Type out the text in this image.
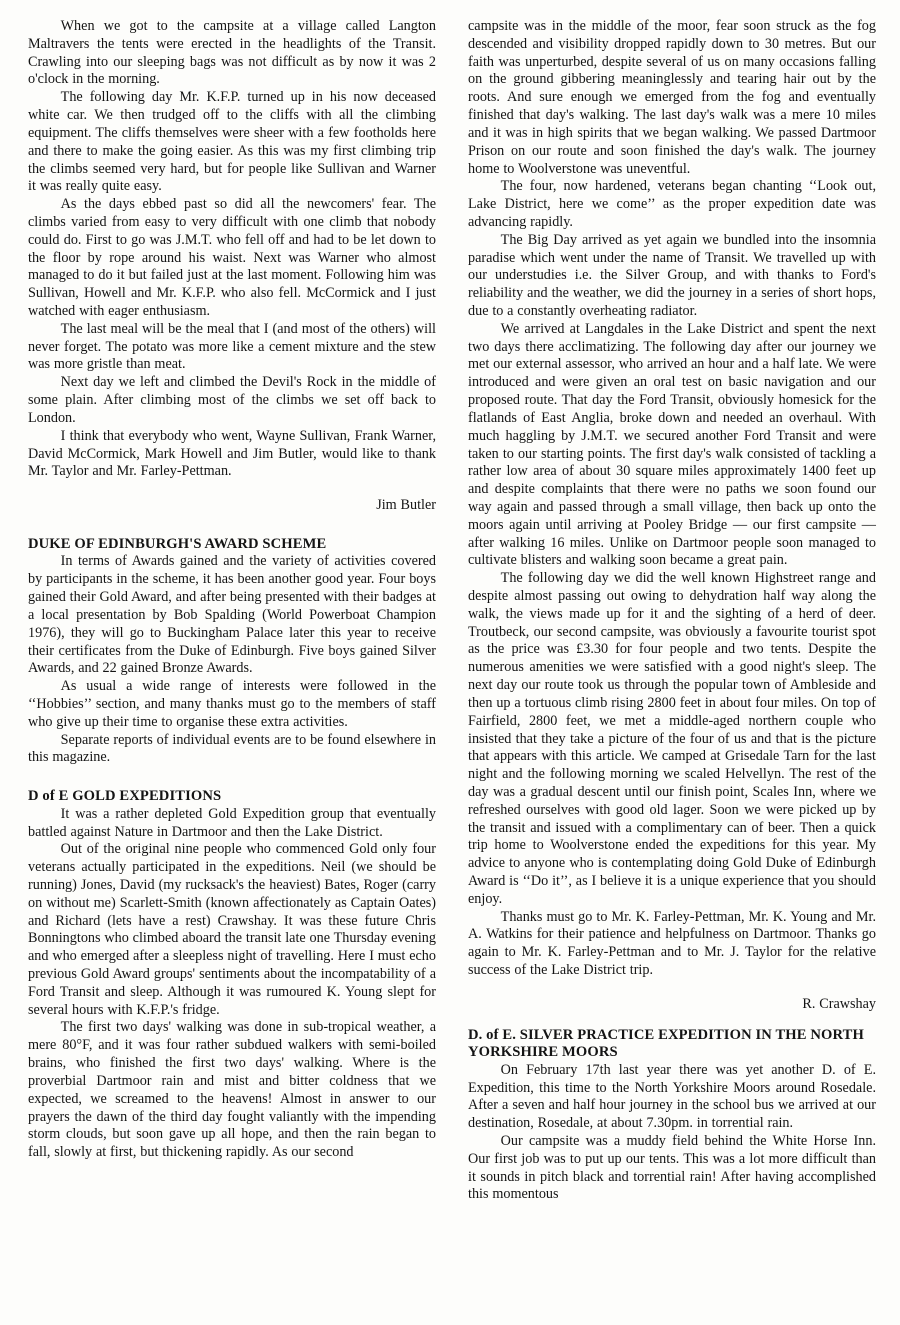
When we got to the campsite at a village called Langton Maltravers the tents were erected in the headlights of the Transit. Crawling into our sleeping bags was not difficult as by now it was 2 o'clock in the morning.

The following day Mr. K.F.P. turned up in his now deceased white car. We then trudged off to the cliffs with all the climbing equipment. The cliffs themselves were sheer with a few footholds here and there to make the going easier. As this was my first climbing trip the climbs seemed very hard, but for people like Sullivan and Warner it was really quite easy.

As the days ebbed past so did all the newcomers' fear. The climbs varied from easy to very difficult with one climb that nobody could do. First to go was J.M.T. who fell off and had to be let down to the floor by rope around his waist. Next was Warner who almost managed to do it but failed just at the last moment. Following him was Sullivan, Howell and Mr. K.F.P. who also fell. McCormick and I just watched with eager enthusiasm.

The last meal will be the meal that I (and most of the others) will never forget. The potato was more like a cement mixture and the stew was more gristle than meat.

Next day we left and climbed the Devil's Rock in the middle of some plain. After climbing most of the climbs we set off back to London.

I think that everybody who went, Wayne Sullivan, Frank Warner, David McCormick, Mark Howell and Jim Butler, would like to thank Mr. Taylor and Mr. Farley-Pettman.

Jim Butler

DUKE OF EDINBURGH'S AWARD SCHEME

In terms of Awards gained and the variety of activities covered by participants in the scheme, it has been another good year. Four boys gained their Gold Award, and after being presented with their badges at a local presentation by Bob Spalding (World Powerboat Champion 1976), they will go to Buckingham Palace later this year to receive their certificates from the Duke of Edinburgh. Five boys gained Silver Awards, and 22 gained Bronze Awards.

As usual a wide range of interests were followed in the ‘‘Hobbies’’ section, and many thanks must go to the members of staff who give up their time to organise these extra activities.

Separate reports of individual events are to be found elsewhere in this magazine.

D of E GOLD EXPEDITIONS

It was a rather depleted Gold Expedition group that eventually battled against Nature in Dartmoor and then the Lake District.

Out of the original nine people who commenced Gold only four veterans actually participated in the expeditions. Neil (we should be running) Jones, David (my rucksack's the heaviest) Bates, Roger (carry on without me) Scarlett-Smith (known affectionately as Captain Oates) and Richard (lets have a rest) Crawshay. It was these future Chris Bonningtons who climbed aboard the transit late one Thursday evening and who emerged after a sleepless night of travelling. Here I must echo previous Gold Award groups' sentiments about the incompatability of a Ford Transit and sleep. Although it was rumoured K. Young slept for several hours with K.F.P.'s fridge.

The first two days' walking was done in sub-tropical weather, a mere 80°F, and it was four rather subdued walkers with semi-boiled brains, who finished the first two days' walking. Where is the proverbial Dartmoor rain and mist and bitter coldness that we expected, we screamed to the heavens! Almost in answer to our prayers the dawn of the third day fought valiantly with the impending storm clouds, but soon gave up all hope, and then the rain began to fall, slowly at first, but thickening rapidly. As our second

campsite was in the middle of the moor, fear soon struck as the fog descended and visibility dropped rapidly down to 30 metres. But our faith was unperturbed, despite several of us on many occasions falling on the ground gibbering meaninglessly and tearing hair out by the roots. And sure enough we emerged from the fog and eventually finished that day's walking. The last day's walk was a mere 10 miles and it was in high spirits that we began walking. We passed Dartmoor Prison on our route and soon finished the day's walk. The journey home to Woolverstone was uneventful.

The four, now hardened, veterans began chanting ‘‘Look out, Lake District, here we come’’ as the proper expedition date was advancing rapidly.

The Big Day arrived as yet again we bundled into the insomnia paradise which went under the name of Transit. We travelled up with our understudies i.e. the Silver Group, and with thanks to Ford's reliability and the weather, we did the journey in a series of short hops, due to a constantly overheating radiator.

We arrived at Langdales in the Lake District and spent the next two days there acclimatizing. The following day after our journey we met our external assessor, who arrived an hour and a half late. We were introduced and were given an oral test on basic navigation and our proposed route. That day the Ford Transit, obviously homesick for the flatlands of East Anglia, broke down and needed an overhaul. With much haggling by J.M.T. we secured another Ford Transit and were taken to our starting points. The first day's walk consisted of tackling a rather low area of about 30 square miles approximately 1400 feet up and despite complaints that there were no paths we soon found our way again and passed through a small village, then back up onto the moors again until arriving at Pooley Bridge — our first campsite — after walking 16 miles. Unlike on Dartmoor people soon managed to cultivate blisters and walking soon became a great pain.

The following day we did the well known Highstreet range and despite almost passing out owing to dehydration half way along the walk, the views made up for it and the sighting of a herd of deer. Troutbeck, our second campsite, was obviously a favourite tourist spot as the price was £3.30 for four people and two tents. Despite the numerous amenities we were satisfied with a good night's sleep. The next day our route took us through the popular town of Ambleside and then up a tortuous climb rising 2800 feet in about four miles. On top of Fairfield, 2800 feet, we met a middle-aged northern couple who insisted that they take a picture of the four of us and that is the picture that appears with this article. We camped at Grisedale Tarn for the last night and the following morning we scaled Helvellyn. The rest of the day was a gradual descent until our finish point, Scales Inn, where we refreshed ourselves with good old lager. Soon we were picked up by the transit and issued with a complimentary can of beer. Then a quick trip home to Woolverstone ended the expeditions for this year. My advice to anyone who is contemplating doing Gold Duke of Edinburgh Award is ‘‘Do it’’, as I believe it is a unique experience that you should enjoy.

Thanks must go to Mr. K. Farley-Pettman, Mr. K. Young and Mr. A. Watkins for their patience and helpfulness on Dartmoor. Thanks go again to Mr. K. Farley-Pettman and to Mr. J. Taylor for the relative success of the Lake District trip.

R. Crawshay

D. of E. SILVER PRACTICE EXPEDITION IN THE NORTH YORKSHIRE MOORS

On February 17th last year there was yet another D. of E. Expedition, this time to the North Yorkshire Moors around Rosedale. After a seven and half hour journey in the school bus we arrived at our destination, Rosedale, at about 7.30pm. in torrential rain.

Our campsite was a muddy field behind the White Horse Inn. Our first job was to put up our tents. This was a lot more difficult than it sounds in pitch black and torrential rain! After having accomplished this momentous
